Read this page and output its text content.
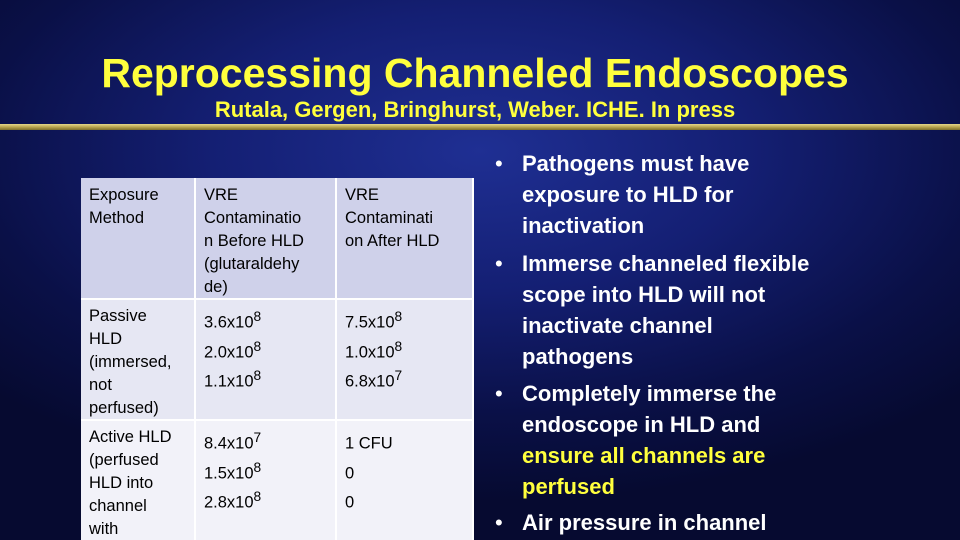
Reprocessing Channeled Endoscopes
Rutala, Gergen, Bringhurst, Weber. ICHE. In press
Exposure
Method
VRE
Contaminatio
n Before HLD
(glutaraldehy
de)
VRE
Contaminati
on After HLD
Passive
HLD
(immersed,
not
perfused)
$3.6x10^8$
$2.0x10^8$
$1.1x10^8$
$7.5x10^8$
$1.0x10^8$
$6.8x10^7$
Active HLD
(perfused
HLD into
channel
with
$8.4x10^7$
$1.5x10^8$
$2.8x10^8$
1 CFU
0
0
• Pathogens must have
exposure to HLD for
inactivation
• Immerse channeled flexible
scope into HLD will not
inactivate channel
pathogens
• Completely immerse the
endoscope in HLD and
ensure all channels are
perfused
• Air pressure in channel
